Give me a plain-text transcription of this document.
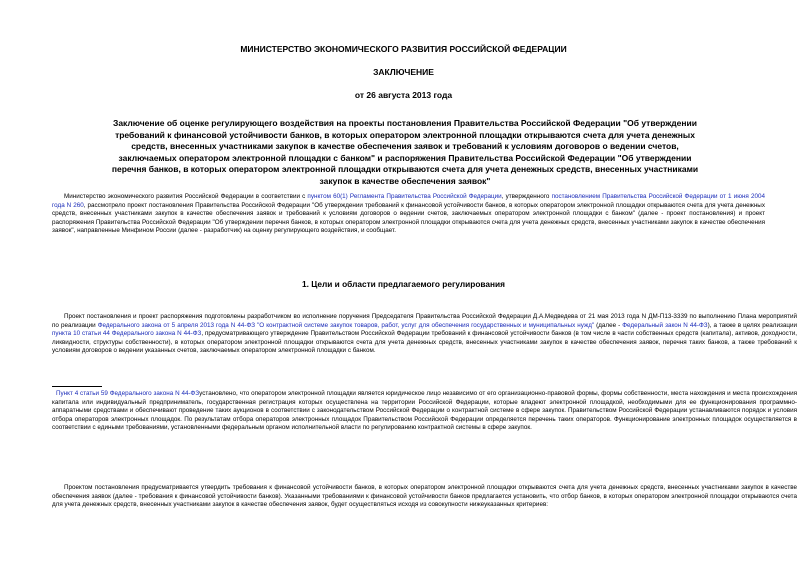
МИНИСТЕРСТВО ЭКОНОМИЧЕСКОГО РАЗВИТИЯ РОССИЙСКОЙ ФЕДЕРАЦИИ
ЗАКЛЮЧЕНИЕ
от 26 августа 2013 года
Заключение об оценке регулирующего воздействия на проекты постановления Правительства Российской Федерации "Об утверждении требований к финансовой устойчивости банков, в которых оператором электронной площадки открываются счета для учета денежных средств, внесенных участниками закупок в качестве обеспечения заявок и требований к условиям договоров о ведении счетов, заключаемых оператором электронной площадки с банком" и распоряжения Правительства Российской Федерации "Об утверждении перечня банков, в которых оператором электронной площадки открываются счета для учета денежных средств, внесенных участниками закупок в качестве обеспечения заявок"
Министерство экономического развития Российской Федерации в соответствии с пунктом 60(1) Регламента Правительства Российской Федерации, утвержденного постановлением Правительства Российской Федерации от 1 июня 2004 года N 260, рассмотрело проект постановления Правительства Российской Федерации "Об утверждении требований к финансовой устойчивости банков, в которых оператором электронной площадки открываются счета для учета денежных средств, внесенных участниками закупок в качестве обеспечения заявок и требований к условиям договоров о ведении счетов, заключаемых оператором электронной площадки с банком" (далее - проект постановления) и проект распоряжения Правительства Российской Федерации "Об утверждении перечня банков, в которых оператором электронной площадки открываются счета для учета денежных средств, внесенных участниками закупок в качестве обеспечения заявок", направленные Минфином России (далее - разработчик) на оценку регулирующего воздействия, и сообщает.
1. Цели и области предлагаемого регулирования
Проект постановления и проект распоряжения подготовлены разработчиком во исполнение поручения Председателя Правительства Российской Федерации Д.А.Медведева от 21 мая 2013 года N ДМ-П13-3339 по выполнению Плана мероприятий по реализации Федерального закона от 5 апреля 2013 года N 44-ФЗ "О контрактной системе закупок товаров, работ, услуг для обеспечения государственных и муниципальных нужд" (далее - Федеральный закон N 44-ФЗ), а также в целях реализации пункта 10 статьи 44 Федерального закона N 44-ФЗ, предусматривающего утверждение Правительством Российской Федерации требований к финансовой устойчивости банков (в том числе в части собственных средств (капитала), активов, доходности, ликвидности, структуры собственности), в которых оператором электронной площадки открываются счета для учета денежных средств, внесенных участниками закупок в качестве обеспечения заявок, перечня таких банков, а также требований к условиям договоров о ведении указанных счетов, заключаемых оператором электронной площадки с банком.
Пункт 4 статьи 59 Федерального закона N 44-ФЗустановлено, что оператором электронной площадки является юридическое лицо независимо от его организационно-правовой формы, формы собственности, места нахождения и места происхождения капитала или индивидуальный предприниматель, государственная регистрация которых осуществлена на территории Российской Федерации, которые владеют электронной площадкой, необходимыми для ее функционирования программно-аппаратными средствами и обеспечивают проведение таких аукционов в соответствии с законодательством Российской Федерации о контрактной системе в сфере закупок. Правительством Российской Федерации устанавливаются порядок и условия отбора операторов электронных площадок. По результатам отбора операторов электронных площадок Правительством Российской Федерации определяется перечень таких операторов. Функционирование электронных площадок осуществляется в соответствии с едиными требованиями, установленными федеральным органом исполнительной власти по регулированию контрактной системы в сфере закупок.
Проектом постановления предусматривается утвердить требования к финансовой устойчивости банков, в которых оператором электронной площадки открываются счета для учета денежных средств, внесенных участниками закупок в качестве обеспечения заявок (далее - требования к финансовой устойчивости банков). Указанными требованиями к финансовой устойчивости банков предлагается установить, что отбор банков, в которых оператором электронной площадки открываются счета для учета денежных средств, внесенных участниками закупок в качестве обеспечения заявок, будет осуществляться исходя из совокупности нижеуказанных критериев:
